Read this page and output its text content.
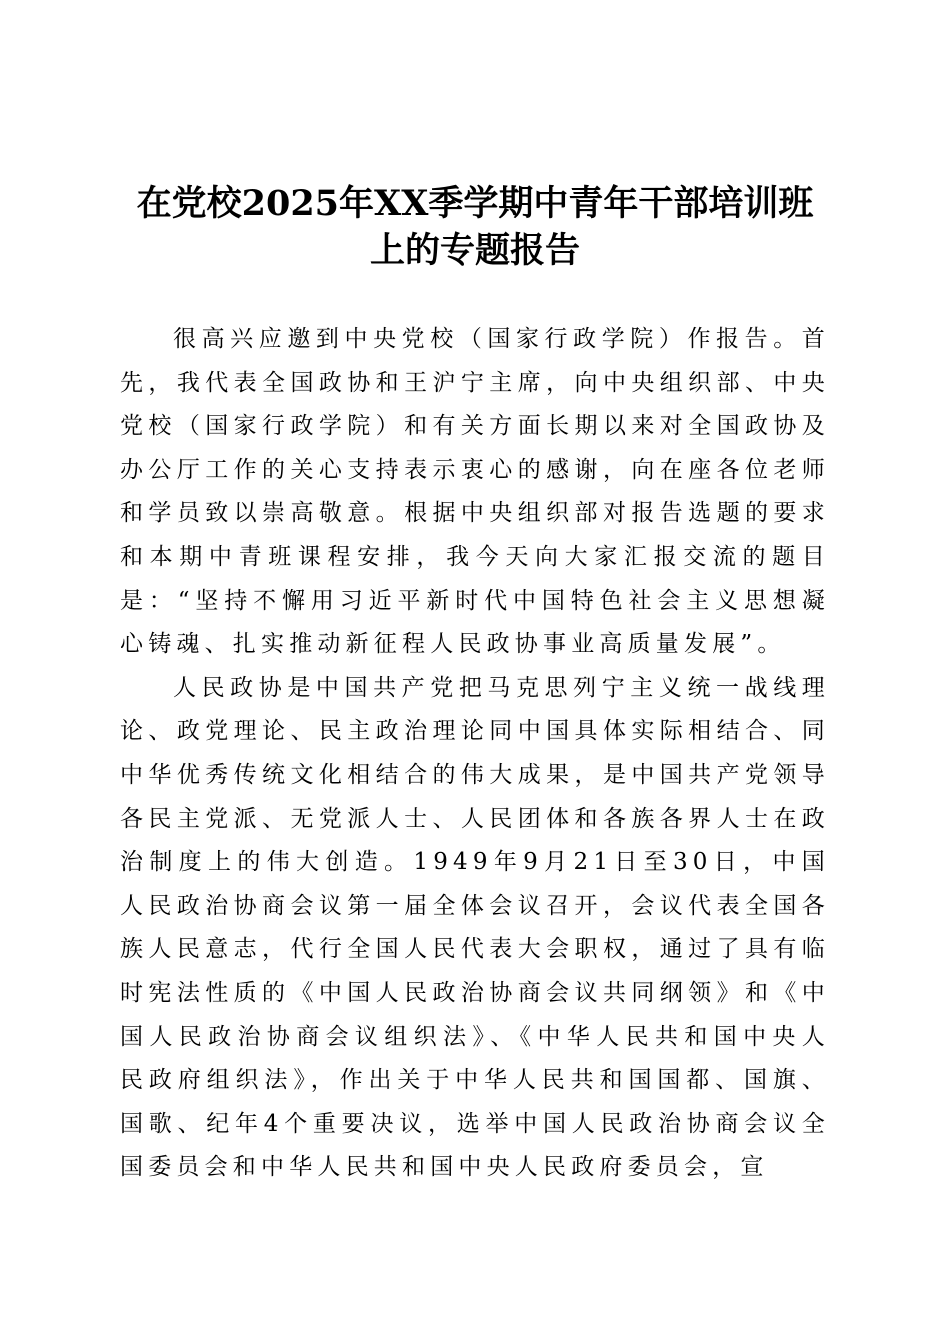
在党校2025年XX季学期中青年干部培训班
上的专题报告

很高兴应邀到中央党校（国家行政学院）作报告。首先，我代表全国政协和王沪宁主席，向中央组织部、中央党校（国家行政学院）和有关方面长期以来对全国政协及办公厅工作的关心支持表示衷心的感谢，向在座各位老师和学员致以崇高敬意。根据中央组织部对报告选题的要求和本期中青班课程安排，我今天向大家汇报交流的题目是：“坚持不懈用习近平新时代中国特色社会主义思想凝心铸魂、扎实推动新征程人民政协事业高质量发展”。

人民政协是中国共产党把马克思列宁主义统一战线理论、政党理论、民主政治理论同中国具体实际相结合、同中华优秀传统文化相结合的伟大成果，是中国共产党领导各民主党派、无党派人士、人民团体和各族各界人士在政治制度上的伟大创造。1949年9月21日至30日，中国人民政治协商会议第一届全体会议召开，会议代表全国各族人民意志，代行全国人民代表大会职权，通过了具有临时宪法性质的《中国人民政治协商会议共同纲领》和《中国人民政治协商会议组织法》、《中华人民共和国中央人民政府组织法》，作出关于中华人民共和国国都、国旗、国歌、纪年4个重要决议，选举中国人民政治协商会议全国委员会和中华人民共和国中央人民政府委员会，宣
